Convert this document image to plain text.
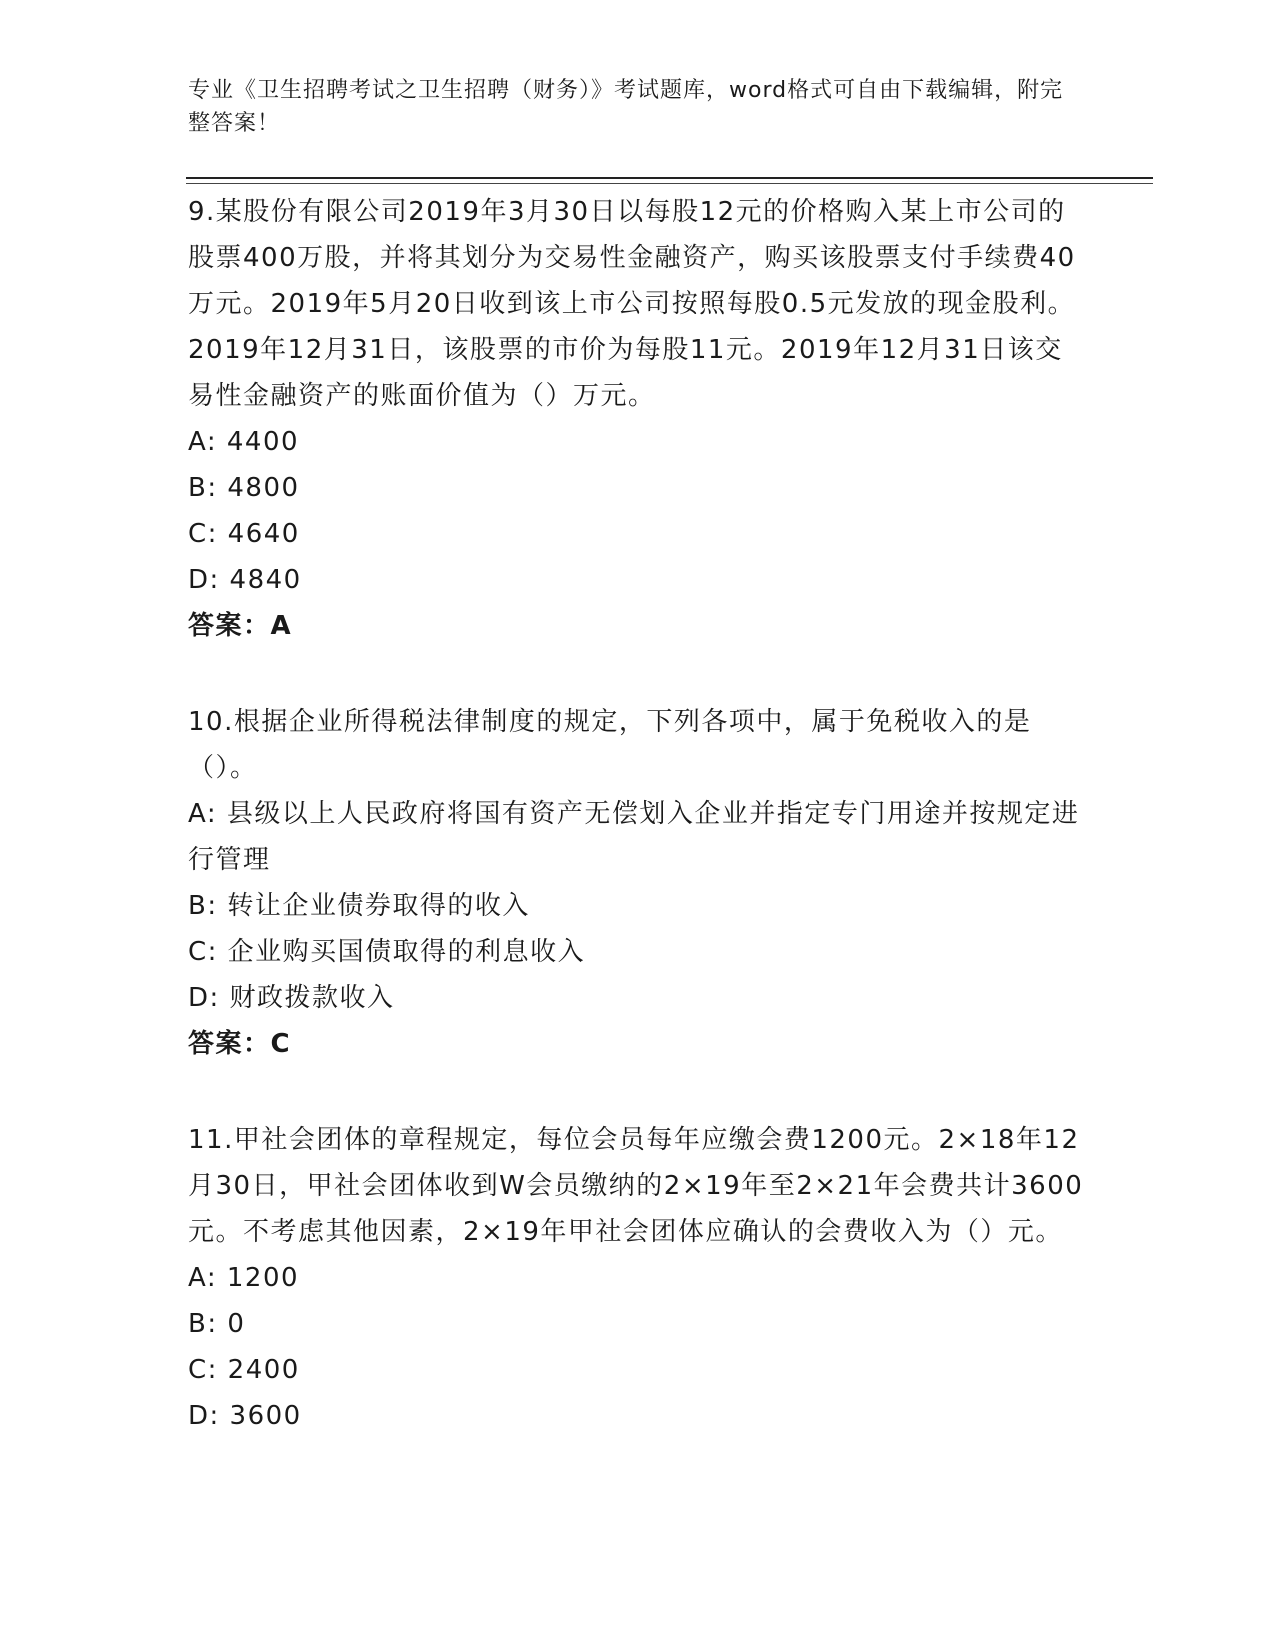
专业《卫生招聘考试之卫生招聘（财务）》考试题库，word格式可自由下载编辑，附完整答案！
9.某股份有限公司2019年3月30日以每股12元的价格购入某上市公司的股票400万股，并将其划分为交易性金融资产，购买该股票支付手续费40万元。2019年5月20日收到该上市公司按照每股0.5元发放的现金股利。2019年12月31日，该股票的市价为每股11元。2019年12月31日该交易性金融资产的账面价值为（）万元。
A: 4400
B: 4800
C: 4640
D: 4840
答案：A
10.根据企业所得税法律制度的规定，下列各项中，属于免税收入的是（）。
A: 县级以上人民政府将国有资产无偿划入企业并指定专门用途并按规定进行管理
B: 转让企业债券取得的收入
C: 企业购买国债取得的利息收入
D: 财政拨款收入
答案：C
11.甲社会团体的章程规定，每位会员每年应缴会费1200元。2×18年12月30日，甲社会团体收到W会员缴纳的2×19年至2×21年会费共计3600元。不考虑其他因素，2×19年甲社会团体应确认的会费收入为（）元。
A: 1200
B: 0
C: 2400
D: 3600
